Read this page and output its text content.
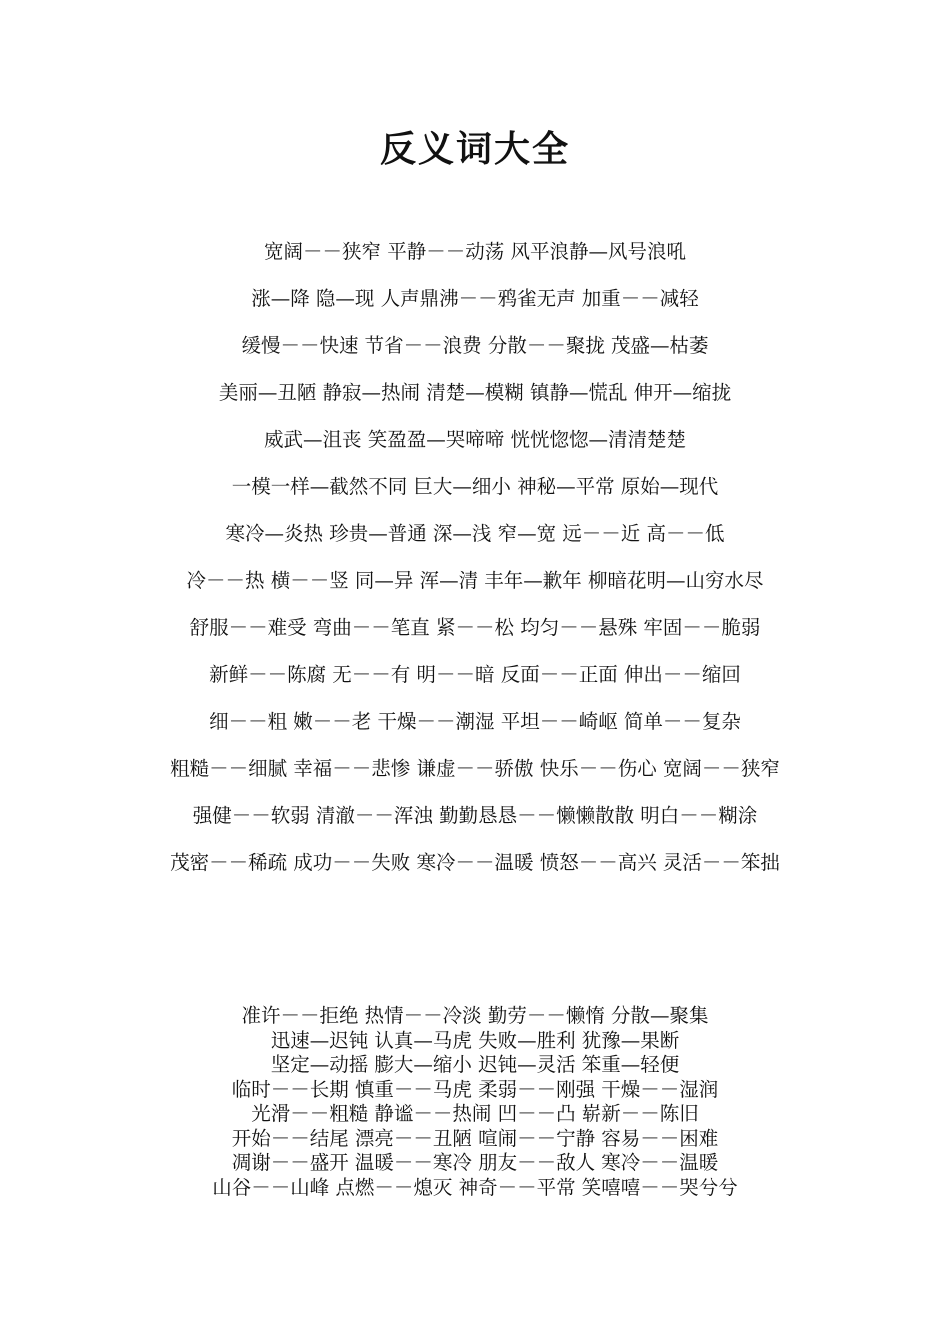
反义词大全

宽阔－－狭窄 平静－－动荡 风平浪静—风号浪吼

涨—降 隐—现 人声鼎沸－－鸦雀无声 加重－－减轻

缓慢－－快速 节省－－浪费 分散－－聚拢 茂盛—枯萎

美丽—丑陋 静寂—热闹 清楚—模糊 镇静—慌乱 伸开—缩拢

威武—沮丧 笑盈盈—哭啼啼 恍恍惚惚—清清楚楚

一模一样—截然不同 巨大—细小 神秘—平常 原始—现代

寒冷—炎热 珍贵—普通 深—浅 窄—宽 远－－近 高－－低

冷－－热 横－－竖 同—异 浑—清 丰年—歉年 柳暗花明—山穷水尽

舒服－－难受 弯曲－－笔直 紧－－松 均匀－－悬殊 牢固－－脆弱

新鲜－－陈腐 无－－有 明－－暗 反面－－正面 伸出－－缩回

细－－粗 嫩－－老 干燥－－潮湿 平坦－－崎岖 简单－－复杂

粗糙－－细腻 幸福－－悲惨 谦虚－－骄傲 快乐－－伤心 宽阔－－狭窄

强健－－软弱 清澈－－浑浊 勤勤恳恳－－懒懒散散 明白－－糊涂

茂密－－稀疏 成功－－失败 寒冷－－温暖 愤怒－－高兴 灵活－－笨拙

准许－－拒绝 热情－－冷淡 勤劳－－懒惰 分散—聚集

迅速—迟钝 认真—马虎 失败—胜利 犹豫—果断

坚定—动摇 膨大—缩小 迟钝—灵活 笨重—轻便

临时－－长期 慎重－－马虎 柔弱－－刚强 干燥－－湿润

光滑－－粗糙 静谧－－热闹 凹－－凸 崭新－－陈旧

开始－－结尾 漂亮－－丑陋 喧闹－－宁静 容易－－困难

凋谢－－盛开 温暖－－寒冷 朋友－－敌人 寒冷－－温暖

山谷－－山峰 点燃－－熄灭 神奇－－平常 笑嘻嘻－－哭兮兮
